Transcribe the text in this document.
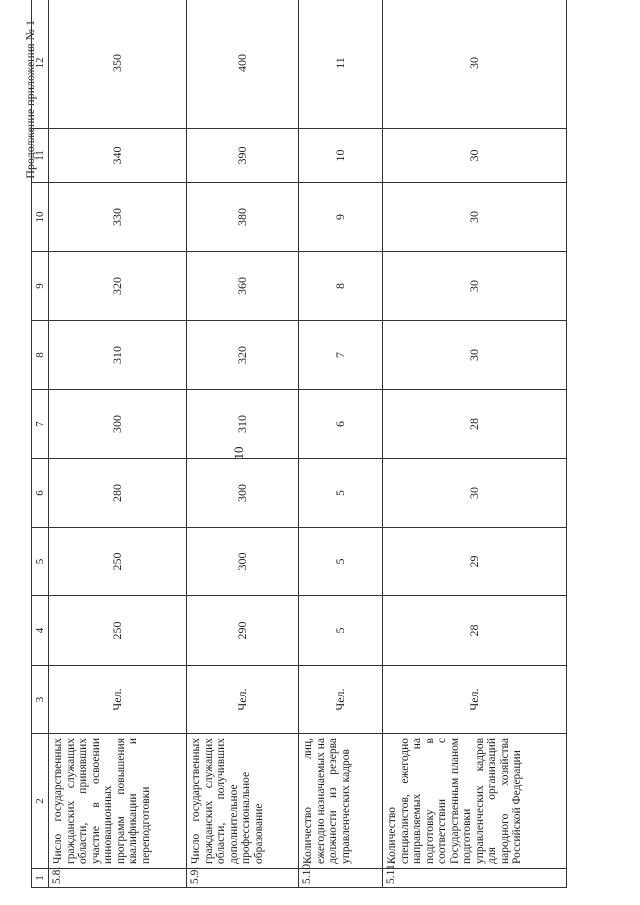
Продолжение приложения № 1
10
1	2	3	4	5	6	7	8	9	10	11	12
5.8.	Число государственных гражданских служащих области, принявших участие в освоении инновационных программ повышения квалификации и переподготовки	Чел.	250	250	280	300	310	320	330	340	350
5.9.	Число государственных гражданских служащих области, получивших дополнительное профессиональное образование	Чел.	290	300	300	310	320	360	380	390	400
5.10.	Количество лиц, ежегодно назначаемых на должности из резерва управленческих кадров	Чел.	5	5	5	6	7	8	9	10	11
5.11.	Количество специалистов, ежегодно направляемых на подготовку в соответствии с Государственным планом подготовки управленческих кадров для организаций народного хозяйства Российской Федерации	Чел.	28	29	30	28	30	30	30	30	30
